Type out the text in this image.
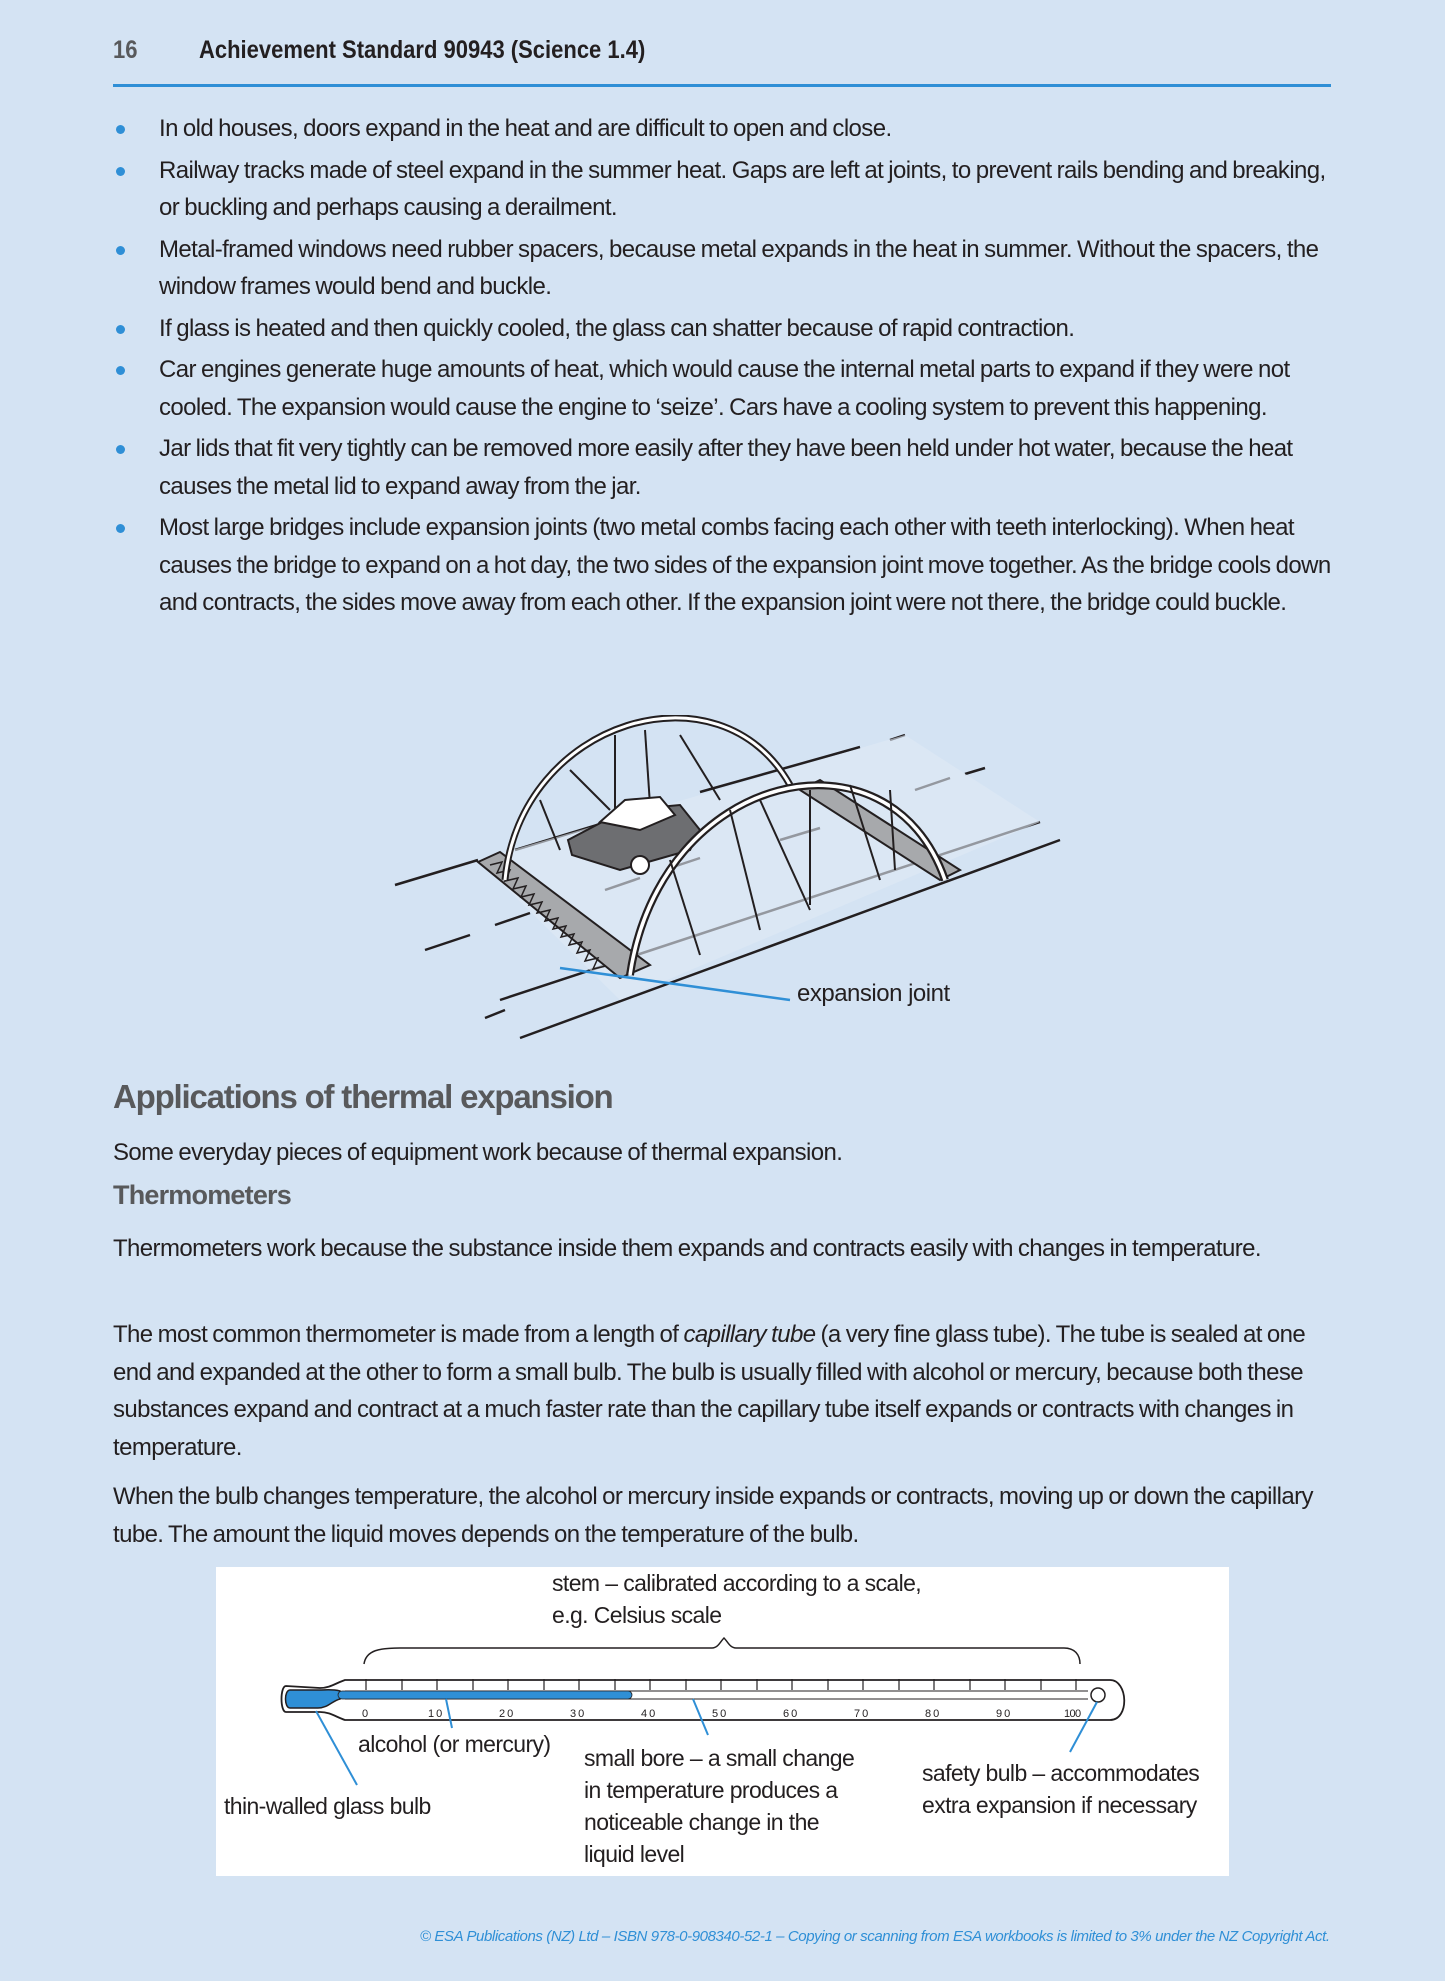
16 Achievement Standard 90943 (Science 1.4)
In old houses, doors expand in the heat and are difficult to open and close.
Railway tracks made of steel expand in the summer heat. Gaps are left at joints, to prevent rails bending and breaking, or buckling and perhaps causing a derailment.
Metal-framed windows need rubber spacers, because metal expands in the heat in summer. Without the spacers, the window frames would bend and buckle.
If glass is heated and then quickly cooled, the glass can shatter because of rapid contraction.
Car engines generate huge amounts of heat, which would cause the internal metal parts to expand if they were not cooled. The expansion would cause the engine to ‘seize’. Cars have a cooling system to prevent this happening.
Jar lids that fit very tightly can be removed more easily after they have been held under hot water, because the heat causes the metal lid to expand away from the jar.
Most large bridges include expansion joints (two metal combs facing each other with teeth interlocking). When heat causes the bridge to expand on a hot day, the two sides of the expansion joint move together. As the bridge cools down and contracts, the sides move away from each other. If the expansion joint were not there, the bridge could buckle.
expansion joint
Applications of thermal expansion

Some everyday pieces of equipment work because of thermal expansion.

Thermometers

Thermometers work because the substance inside them expands and contracts easily with changes in temperature.

The most common thermometer is made from a length of capillary tube (a very fine glass tube). The tube is sealed at one end and expanded at the other to form a small bulb. The bulb is usually filled with alcohol or mercury, because both these substances expand and contract at a much faster rate than the capillary tube itself expands or contracts with changes in temperature.

When the bulb changes temperature, the alcohol or mercury inside expands or contracts, moving up or down the capillary tube. The amount the liquid moves depends on the temperature of the bulb.

0	10	20	30	40	50	60	70	80	90	100
stem – calibrated according to a scale,
e.g. Celsius scale
alcohol (or mercury)
thin-walled glass bulb
small bore – a small change
in temperature produces a
noticeable change in the
liquid level
safety bulb – accommodates
extra expansion if necessary
© ESA Publications (NZ) Ltd – ISBN 978-0-908340-52-1 – Copying or scanning from ESA workbooks is limited to 3% under the NZ Copyright Act.
